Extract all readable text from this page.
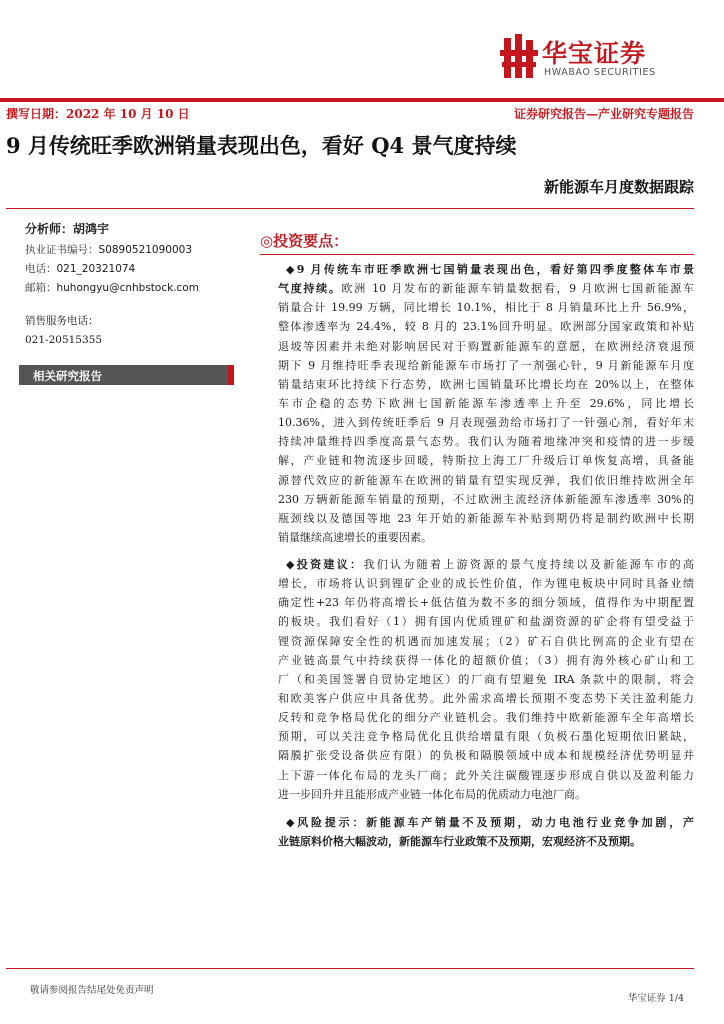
华宝证券
HWABAO SECURITIES
撰写日期：2022 年 10 月 10 日	证券研究报告—产业研究专题报告
9 月传统旺季欧洲销量表现出色，看好 Q4 景气度持续
新能源车月度数据跟踪
分析师：胡鸿宇
执业证书编号：S0890521090003
电话：021_20321074
邮箱：huhongyu@cnhbstock.com
销售服务电话：
021-20515355
相关研究报告
◎投资要点：
◆9 月传统车市旺季欧洲七国销量表现出色，看好第四季度整体车市景
气度持续。欧洲 10 月发布的新能源车销量数据看，9 月欧洲七国新能源车
销量合计 19.99 万辆，同比增长 10.1%，相比于 8 月销量环比上升 56.9%，
整体渗透率为 24.4%，较 8 月的 23.1%回升明显。欧洲部分国家政策和补贴
退坡等因素并未绝对影响居民对于购置新能源车的意愿，在欧洲经济衰退预
期下 9 月维持旺季表现给新能源车市场打了一剂强心针，9 月新能源车月度
销量结束环比持续下行态势，欧洲七国销量环比增长均在 20%以上，在整体
车市企稳的态势下欧洲七国新能源车渗透率上升至 29.6%，同比增长
10.36%，进入到传统旺季后 9 月表现强劲给市场打了一针强心剂，看好年末
持续冲量维持四季度高景气态势。我们认为随着地缘冲突和疫情的进一步缓
解，产业链和物流逐步回暖，特斯拉上海工厂升级后订单恢复高增，具备能
源替代效应的新能源车在欧洲的销量有望实现反弹，我们依旧维持欧洲全年
230 万辆新能源车销量的预期，不过欧洲主流经济体新能源车渗透率 30%的
瓶颈线以及德国等地 23 年开始的新能源车补贴到期仍将是制约欧洲中长期
销量继续高速增长的重要因素。
◆投资建议：我们认为随着上游资源的景气度持续以及新能源车市的高
增长，市场将认识到锂矿企业的成长性价值，作为锂电板块中同时具备业绩
确定性+23 年仍将高增长+低估值为数不多的细分领域，值得作为中期配置
的板块。我们看好（1）拥有国内优质锂矿和盐湖资源的矿企将有望受益于
锂资源保障安全性的机遇而加速发展；（2）矿石自供比例高的企业有望在
产业链高景气中持续获得一体化的超额价值；（3）拥有海外核心矿山和工
厂（和美国签署自贸协定地区）的厂商有望避免 IRA 条款中的限制，将会
和欧美客户供应中具备优势。此外需求高增长预期不变态势下关注盈利能力
反转和竞争格局优化的细分产业链机会。我们维持中欧新能源车全年高增长
预期，可以关注竞争格局优化且供给增量有限（负极石墨化短期依旧紧缺，
隔膜扩张受设备供应有限）的负极和隔膜领域中成本和规模经济优势明显并
上下游一体化布局的龙头厂商；此外关注碳酸锂逐步形成自供以及盈利能力
进一步回升并且能形成产业链一体化布局的优质动力电池厂商。
◆风险提示：新能源车产销量不及预期，动力电池行业竞争加剧，产
业链原料价格大幅波动，新能源车行业政策不及预期，宏观经济不及预期。
敬请参阅报告结尾处免责声明
华宝证券 1/4
